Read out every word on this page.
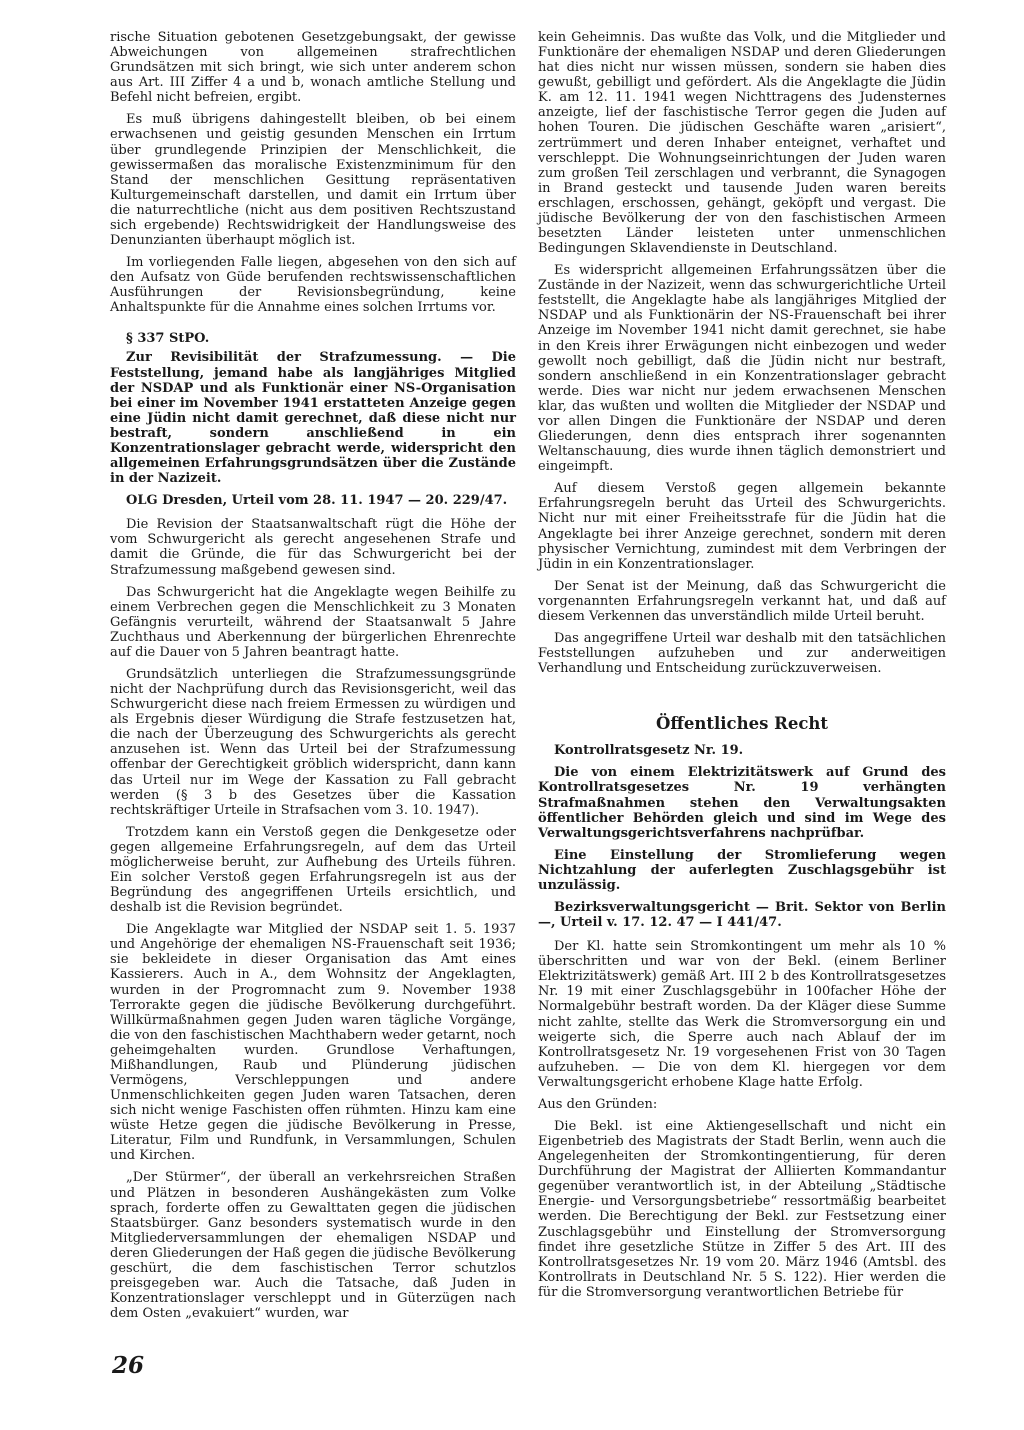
rische Situation gebotenen Gesetzgebungsakt, der gewisse Abweichungen von allgemeinen strafrechtlichen Grundsätzen mit sich bringt, wie sich unter anderem schon aus Art. III Ziffer 4 a und b, wonach amtliche Stellung und Befehl nicht befreien, ergibt.

Es muß übrigens dahingestellt bleiben, ob bei einem erwachsenen und geistig gesunden Menschen ein Irrtum über grundlegende Prinzipien der Menschlichkeit, die gewissermaßen das moralische Existenzminimum für den Stand der menschlichen Gesittung repräsentativen Kulturgemeinschaft darstellen, und damit ein Irrtum über die naturrechtliche (nicht aus dem positiven Rechtszustand sich ergebende) Rechtswidrigkeit der Handlungsweise des Denunzianten überhaupt möglich ist.

Im vorliegenden Falle liegen, abgesehen von den sich auf den Aufsatz von Güde berufenden rechtswissenschaftlichen Ausführungen der Revisionsbegründung, keine Anhaltspunkte für die Annahme eines solchen Irrtums vor.

§ 337 StPO.

Zur Revisibilität der Strafzumessung. — Die Feststellung, jemand habe als langjähriges Mitglied der NSDAP und als Funktionär einer NS-Organisation bei einer im November 1941 erstatteten Anzeige gegen eine Jüdin nicht damit gerechnet, daß diese nicht nur bestraft, sondern anschließend in ein Konzentrationslager gebracht werde, widerspricht den allgemeinen Erfahrungsgrundsätzen über die Zustände in der Nazizeit.

OLG Dresden, Urteil vom 28. 11. 1947 — 20. 229/47.

Die Revision der Staatsanwaltschaft rügt die Höhe der vom Schwurgericht als gerecht angesehenen Strafe und damit die Gründe, die für das Schwurgericht bei der Strafzumessung maßgebend gewesen sind.

Das Schwurgericht hat die Angeklagte wegen Beihilfe zu einem Verbrechen gegen die Menschlichkeit zu 3 Monaten Gefängnis verurteilt, während der Staatsanwalt 5 Jahre Zuchthaus und Aberkennung der bürgerlichen Ehrenrechte auf die Dauer von 5 Jahren beantragt hatte.

Grundsätzlich unterliegen die Strafzumessungsgründe nicht der Nachprüfung durch das Revisionsgericht, weil das Schwurgericht diese nach freiem Ermessen zu würdigen und als Ergebnis dieser Würdigung die Strafe festzusetzen hat, die nach der Überzeugung des Schwurgerichts als gerecht anzusehen ist. Wenn das Urteil bei der Strafzumessung offenbar der Gerechtigkeit gröblich widerspricht, dann kann das Urteil nur im Wege der Kassation zu Fall gebracht werden (§ 3 b des Gesetzes über die Kassation rechtskräftiger Urteile in Strafsachen vom 3. 10. 1947).

Trotzdem kann ein Verstoß gegen die Denkgesetze oder gegen allgemeine Erfahrungsregeln, auf dem das Urteil möglicherweise beruht, zur Aufhebung des Urteils führen. Ein solcher Verstoß gegen Erfahrungsregeln ist aus der Begründung des angegriffenen Urteils ersichtlich, und deshalb ist die Revision begründet.

Die Angeklagte war Mitglied der NSDAP seit 1. 5. 1937 und Angehörige der ehemaligen NS-Frauenschaft seit 1936; sie bekleidete in dieser Organisation das Amt eines Kassierers. Auch in A., dem Wohnsitz der Angeklagten, wurden in der Progromnacht zum 9. November 1938 Terrorakte gegen die jüdische Bevölkerung durchgeführt. Willkürmaßnahmen gegen Juden waren tägliche Vorgänge, die von den faschistischen Machthabern weder getarnt, noch geheimgehalten wurden. Grundlose Verhaftungen, Mißhandlungen, Raub und Plünderung jüdischen Vermögens, Verschleppungen und andere Unmenschlichkeiten gegen Juden waren Tatsachen, deren sich nicht wenige Faschisten offen rühmten. Hinzu kam eine wüste Hetze gegen die jüdische Bevölkerung in Presse, Literatur, Film und Rundfunk, in Versammlungen, Schulen und Kirchen.

„Der Stürmer“, der überall an verkehrsreichen Straßen und Plätzen in besonderen Aushängekästen zum Volke sprach, forderte offen zu Gewalttaten gegen die jüdischen Staatsbürger. Ganz besonders systematisch wurde in den Mitgliederversammlungen der ehemaligen NSDAP und deren Gliederungen der Haß gegen die jüdische Bevölkerung geschürt, die dem faschistischen Terror schutzlos preisgegeben war. Auch die Tatsache, daß Juden in Konzentrationslager verschleppt und in Güterzügen nach dem Osten „evakuiert“ wurden, war

kein Geheimnis. Das wußte das Volk, und die Mitglieder und Funktionäre der ehemaligen NSDAP und deren Gliederungen hat dies nicht nur wissen müssen, sondern sie haben dies gewußt, gebilligt und gefördert. Als die Angeklagte die Jüdin K. am 12. 11. 1941 wegen Nichttragens des Judensternes anzeigte, lief der faschistische Terror gegen die Juden auf hohen Touren. Die jüdischen Geschäfte waren „arisiert“, zertrümmert und deren Inhaber enteignet, verhaftet und verschleppt. Die Wohnungseinrichtungen der Juden waren zum großen Teil zerschlagen und verbrannt, die Synagogen in Brand gesteckt und tausende Juden waren bereits erschlagen, erschossen, gehängt, geköpft und vergast. Die jüdische Bevölkerung der von den faschistischen Armeen besetzten Länder leisteten unter unmenschlichen Bedingungen Sklavendienste in Deutschland.

Es widerspricht allgemeinen Erfahrungssätzen über die Zustände in der Nazizeit, wenn das schwurgerichtliche Urteil feststellt, die Angeklagte habe als langjähriges Mitglied der NSDAP und als Funktionärin der NS-Frauenschaft bei ihrer Anzeige im November 1941 nicht damit gerechnet, sie habe in den Kreis ihrer Erwägungen nicht einbezogen und weder gewollt noch gebilligt, daß die Jüdin nicht nur bestraft, sondern anschließend in ein Konzentrationslager gebracht werde. Dies war nicht nur jedem erwachsenen Menschen klar, das wußten und wollten die Mitglieder der NSDAP und vor allen Dingen die Funktionäre der NSDAP und deren Gliederungen, denn dies entsprach ihrer sogenannten Weltanschauung, dies wurde ihnen täglich demonstriert und eingeimpft.

Auf diesem Verstoß gegen allgemein bekannte Erfahrungsregeln beruht das Urteil des Schwurgerichts. Nicht nur mit einer Freiheitsstrafe für die Jüdin hat die Angeklagte bei ihrer Anzeige gerechnet, sondern mit deren physischer Vernichtung, zumindest mit dem Verbringen der Jüdin in ein Konzentrationslager.

Der Senat ist der Meinung, daß das Schwurgericht die vorgenannten Erfahrungsregeln verkannt hat, und daß auf diesem Verkennen das unverständlich milde Urteil beruht.

Das angegriffene Urteil war deshalb mit den tatsächlichen Feststellungen aufzuheben und zur anderweitigen Verhandlung und Entscheidung zurückzuverweisen.

Öffentliches Recht

Kontrollratsgesetz Nr. 19.

Die von einem Elektrizitätswerk auf Grund des Kontrollratsgesetzes Nr. 19 verhängten Strafmaßnahmen stehen den Verwaltungsakten öffentlicher Behörden gleich und sind im Wege des Verwaltungsgerichtsverfahrens nachprüfbar.

Eine Einstellung der Stromlieferung wegen Nichtzahlung der auferlegten Zuschlagsgebühr ist unzulässig.

Bezirksverwaltungsgericht — Brit. Sektor von Berlin —, Urteil v. 17. 12. 47 — I 441/47.

Der Kl. hatte sein Stromkontingent um mehr als 10 % überschritten und war von der Bekl. (einem Berliner Elektrizitätswerk) gemäß Art. III 2 b des Kontrollratsgesetzes Nr. 19 mit einer Zuschlagsgebühr in 100facher Höhe der Normalgebühr bestraft worden. Da der Kläger diese Summe nicht zahlte, stellte das Werk die Stromversorgung ein und weigerte sich, die Sperre auch nach Ablauf der im Kontrollratsgesetz Nr. 19 vorgesehenen Frist von 30 Tagen aufzuheben. — Die von dem Kl. hiergegen vor dem Verwaltungsgericht erhobene Klage hatte Erfolg.

Aus den Gründen:

Die Bekl. ist eine Aktiengesellschaft und nicht ein Eigenbetrieb des Magistrats der Stadt Berlin, wenn auch die Angelegenheiten der Stromkontingentierung, für deren Durchführung der Magistrat der Alliierten Kommandantur gegenüber verantwortlich ist, in der Abteilung „Städtische Energie- und Versorgungsbetriebe“ ressortmäßig bearbeitet werden. Die Berechtigung der Bekl. zur Festsetzung einer Zuschlagsgebühr und Einstellung der Stromversorgung findet ihre gesetzliche Stütze in Ziffer 5 des Art. III des Kontrollratsgesetzes Nr. 19 vom 20. März 1946 (Amtsbl. des Kontrollrats in Deutschland Nr. 5 S. 122). Hier werden die für die Stromversorgung verantwortlichen Betriebe für

26
